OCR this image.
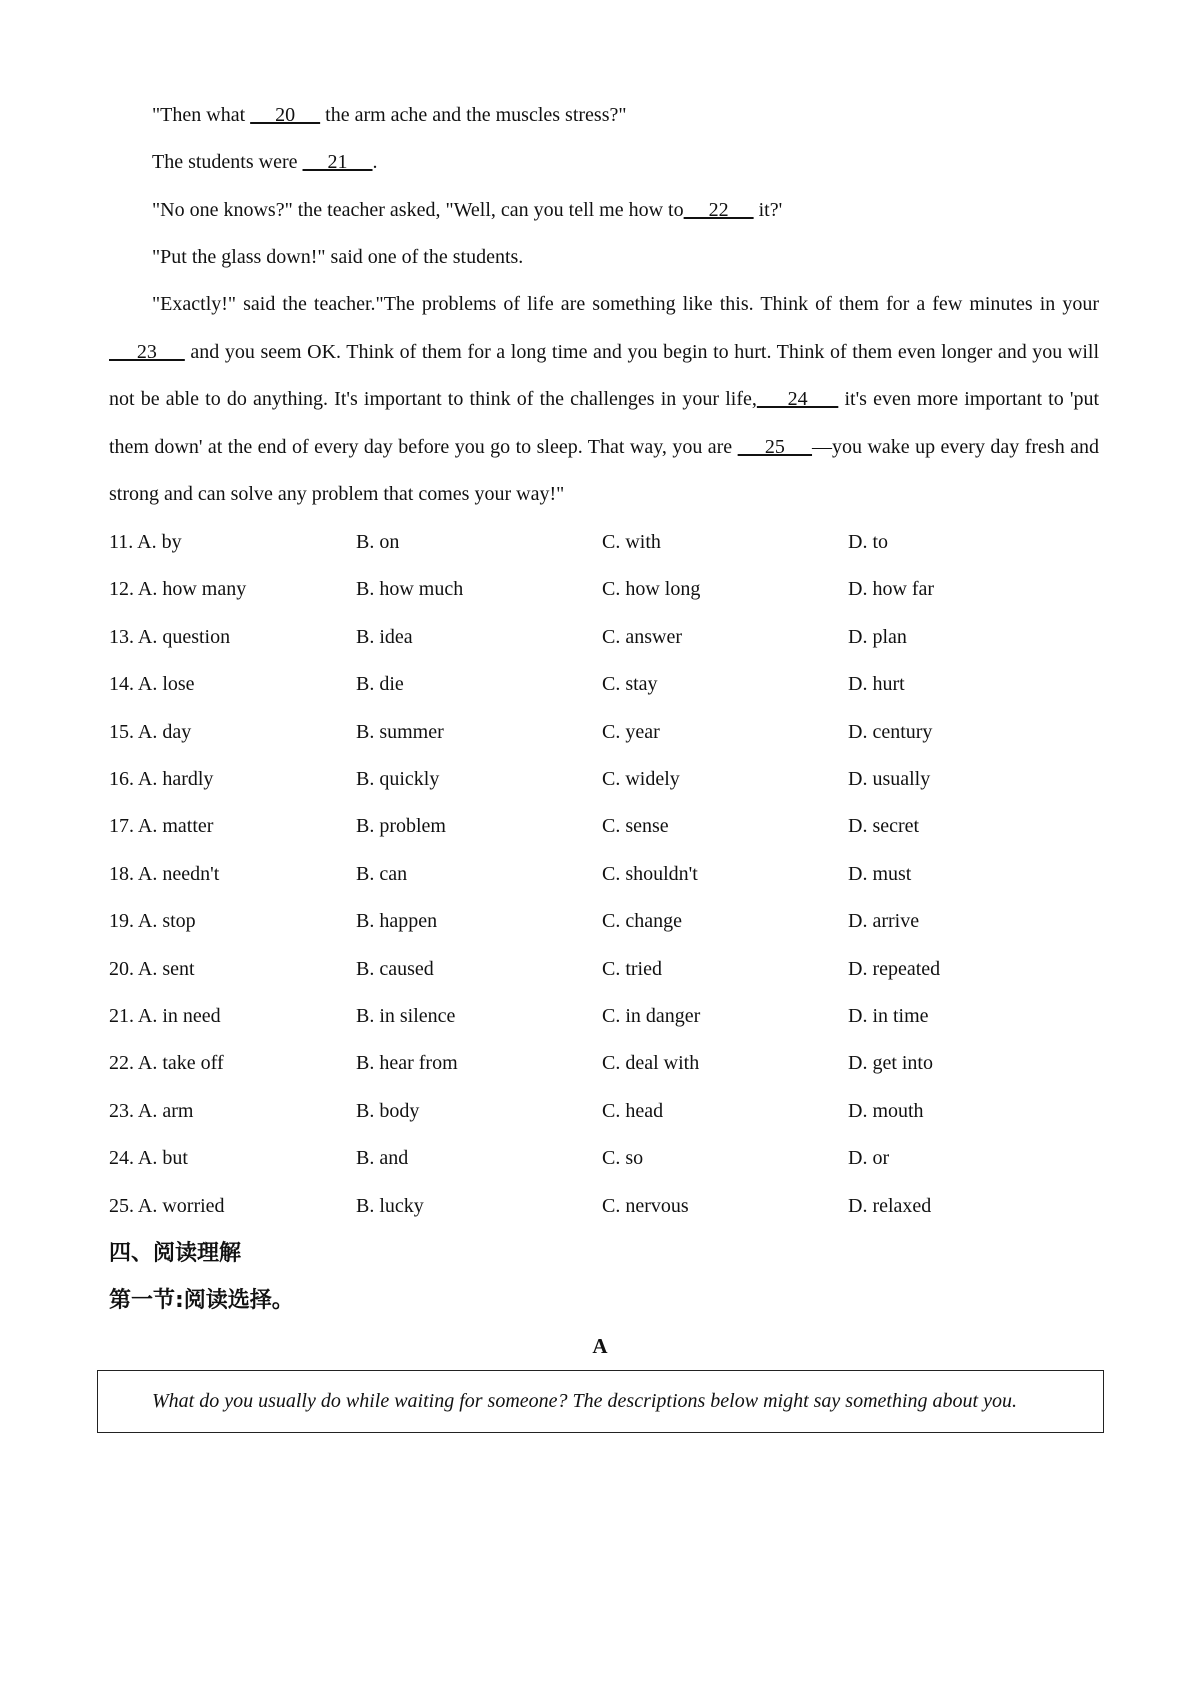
"Then what      20      the arm ache and the muscles stress?"

The students were      21     .

"No one knows?" the teacher asked, "Well, can you tell me how to     22      it?'

"Put the glass down!" said one of the students.

"Exactly!" said the teacher."The problems of life are something like this. Think of them for a few minutes in your     23      and you seem OK. Think of them for a long time and you begin to hurt. Think of them even longer and you will not be able to do anything. It's important to think of the challenges in your life,     24      it's even more important to 'put them down' at the end of every day before you go to sleep. That way, you are      25     —you wake up every day fresh and strong and can solve any problem that comes your way!"

11. A. by	B. on	C. with	D. to
12. A. how many	B. how much	C. how long	D. how far
13. A. question	B. idea	C. answer	D. plan
14. A. lose	B. die	C. stay	D. hurt
15. A. day	B. summer	C. year	D. century
16. A. hardly	B. quickly	C. widely	D. usually
17. A. matter	B. problem	C. sense	D. secret
18. A. needn't	B. can	C. shouldn't	D. must
19. A. stop	B. happen	C. change	D. arrive
20. A. sent	B. caused	C. tried	D. repeated
21. A. in need	B. in silence	C. in danger	D. in time
22. A. take off	B. hear from	C. deal with	D. get into
23. A. arm	B. body	C. head	D. mouth
24. A. but	B. and	C. so	D. or
25. A. worried	B. lucky	C. nervous	D. relaxed
四、阅读理解
第一节:阅读选择。
A
What do you usually do while waiting for someone? The descriptions below might say something about you.
